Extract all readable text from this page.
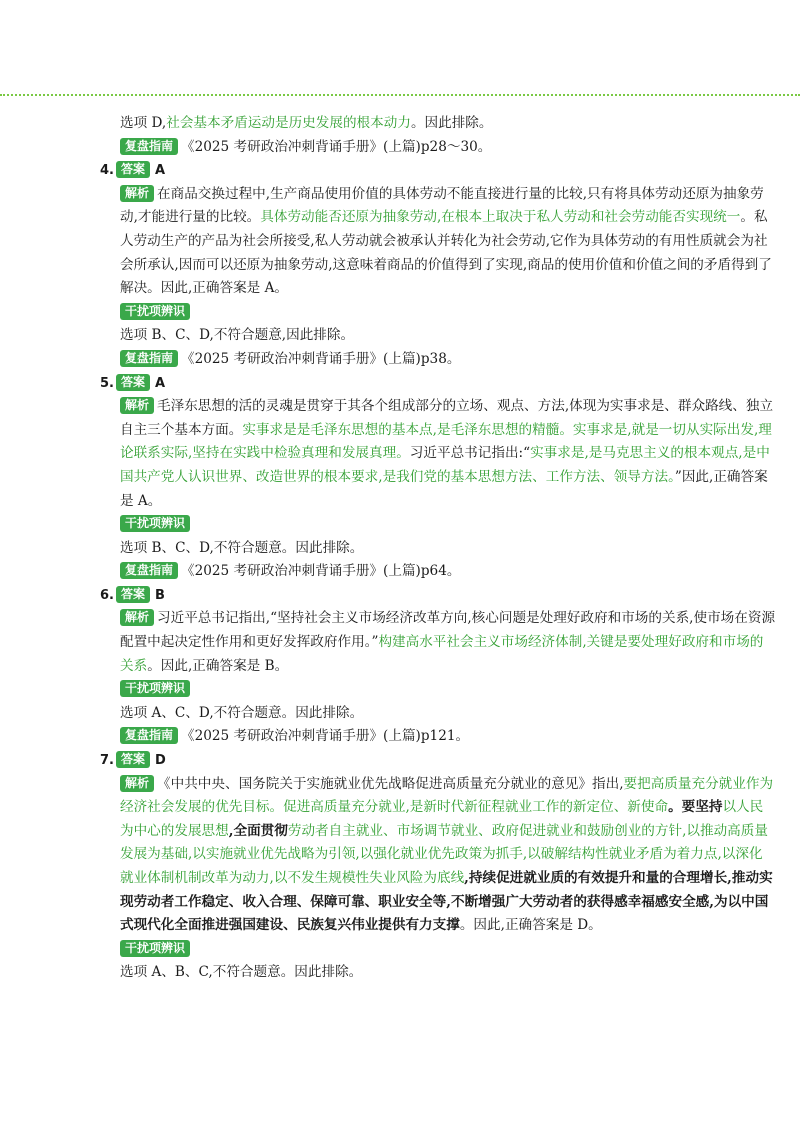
选项 D,社会基本矛盾运动是历史发展的根本动力。因此排除。

复盘指南 《2025 考研政治冲刺背诵手册》(上篇)p28～30。

4. 答案 A

解析 在商品交换过程中,生产商品使用价值的具体劳动不能直接进行量的比较,只有将具体劳动还原为抽象劳动,才能进行量的比较。具体劳动能否还原为抽象劳动,在根本上取决于私人劳动和社会劳动能否实现统一。私人劳动生产的产品为社会所接受,私人劳动就会被承认并转化为社会劳动,它作为具体劳动的有用性质就会为社会所承认,因而可以还原为抽象劳动,这意味着商品的价值得到了实现,商品的使用价值和价值之间的矛盾得到了解决。因此,正确答案是 A。

干扰项辨识

选项 B、C、D,不符合题意,因此排除。

复盘指南 《2025 考研政治冲刺背诵手册》(上篇)p38。

5. 答案 A

解析 毛泽东思想的活的灵魂是贯穿于其各个组成部分的立场、观点、方法,体现为实事求是、群众路线、独立自主三个基本方面。实事求是是毛泽东思想的基本点,是毛泽东思想的精髓。实事求是,就是一切从实际出发,理论联系实际,坚持在实践中检验真理和发展真理。习近平总书记指出:“实事求是,是马克思主义的根本观点,是中国共产党人认识世界、改造世界的根本要求,是我们党的基本思想方法、工作方法、领导方法。”因此,正确答案是 A。

干扰项辨识

选项 B、C、D,不符合题意。因此排除。

复盘指南 《2025 考研政治冲刺背诵手册》(上篇)p64。

6. 答案 B

解析 习近平总书记指出,“坚持社会主义市场经济改革方向,核心问题是处理好政府和市场的关系,使市场在资源配置中起决定性作用和更好发挥政府作用。”构建高水平社会主义市场经济体制,关键是要处理好政府和市场的关系。因此,正确答案是 B。

干扰项辨识

选项 A、C、D,不符合题意。因此排除。

复盘指南 《2025 考研政治冲刺背诵手册》(上篇)p121。

7. 答案 D

解析 《中共中央、国务院关于实施就业优先战略促进高质量充分就业的意见》指出,要把高质量充分就业作为经济社会发展的优先目标。促进高质量充分就业,是新时代新征程就业工作的新定位、新使命。要坚持以人民为中心的发展思想,全面贯彻劳动者自主就业、市场调节就业、政府促进就业和鼓励创业的方针,以推动高质量发展为基础,以实施就业优先战略为引领,以强化就业优先政策为抓手,以破解结构性就业矛盾为着力点,以深化就业体制机制改革为动力,以不发生规模性失业风险为底线,持续促进就业质的有效提升和量的合理增长,推动实现劳动者工作稳定、收入合理、保障可靠、职业安全等,不断增强广大劳动者的获得感幸福感安全感,为以中国式现代化全面推进强国建设、民族复兴伟业提供有力支撑。因此,正确答案是 D。

干扰项辨识

选项 A、B、C,不符合题意。因此排除。
